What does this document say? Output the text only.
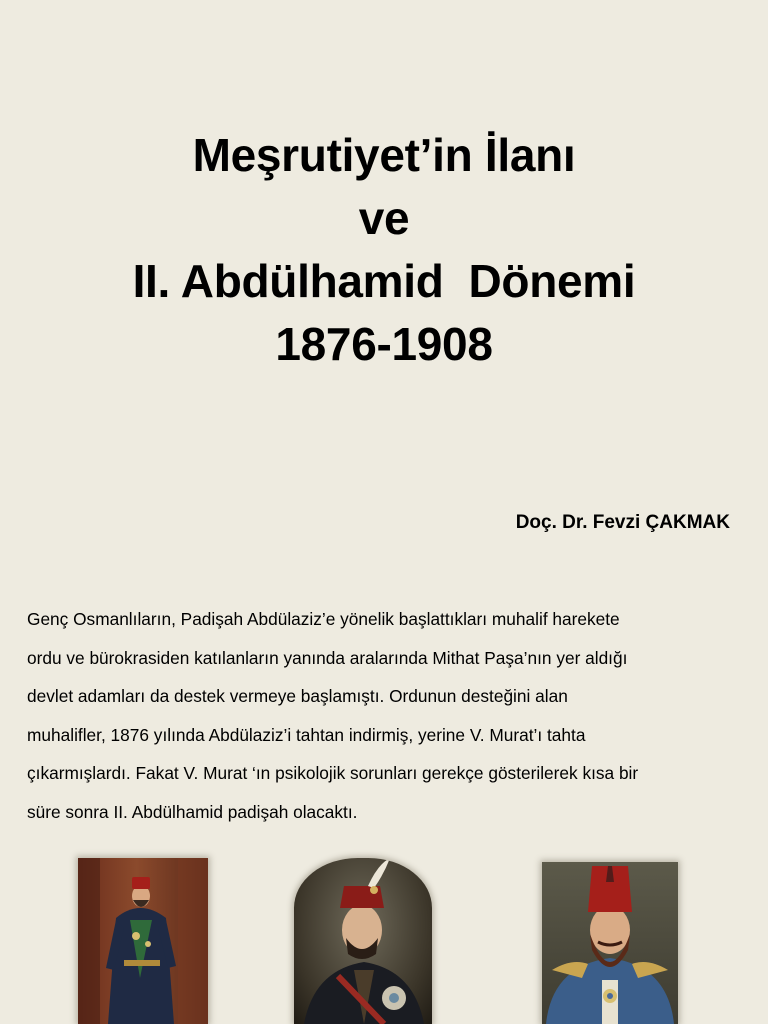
Meşrutiyet’in İlanı
ve
II. Abdülhamid  Dönemi
1876-1908
Doç. Dr. Fevzi ÇAKMAK
Genç Osmanlıların, Padişah Abdülaziz’e yönelik başlattıkları muhalif harekete
ordu ve bürokrasiden katılanların yanında aralarında Mithat Paşa’nın yer aldığı
devlet adamları da destek vermeye başlamıştı. Ordunun desteğini alan
muhalifler, 1876 yılında Abdülaziz’i tahtan indirmiş, yerine V. Murat’ı tahta
çıkarmışlardı. Fakat V. Murat ‘ın psikolojik sorunları gerekçe gösterilerek kısa bir
süre sonra II. Abdülhamid padişah olacaktı.
